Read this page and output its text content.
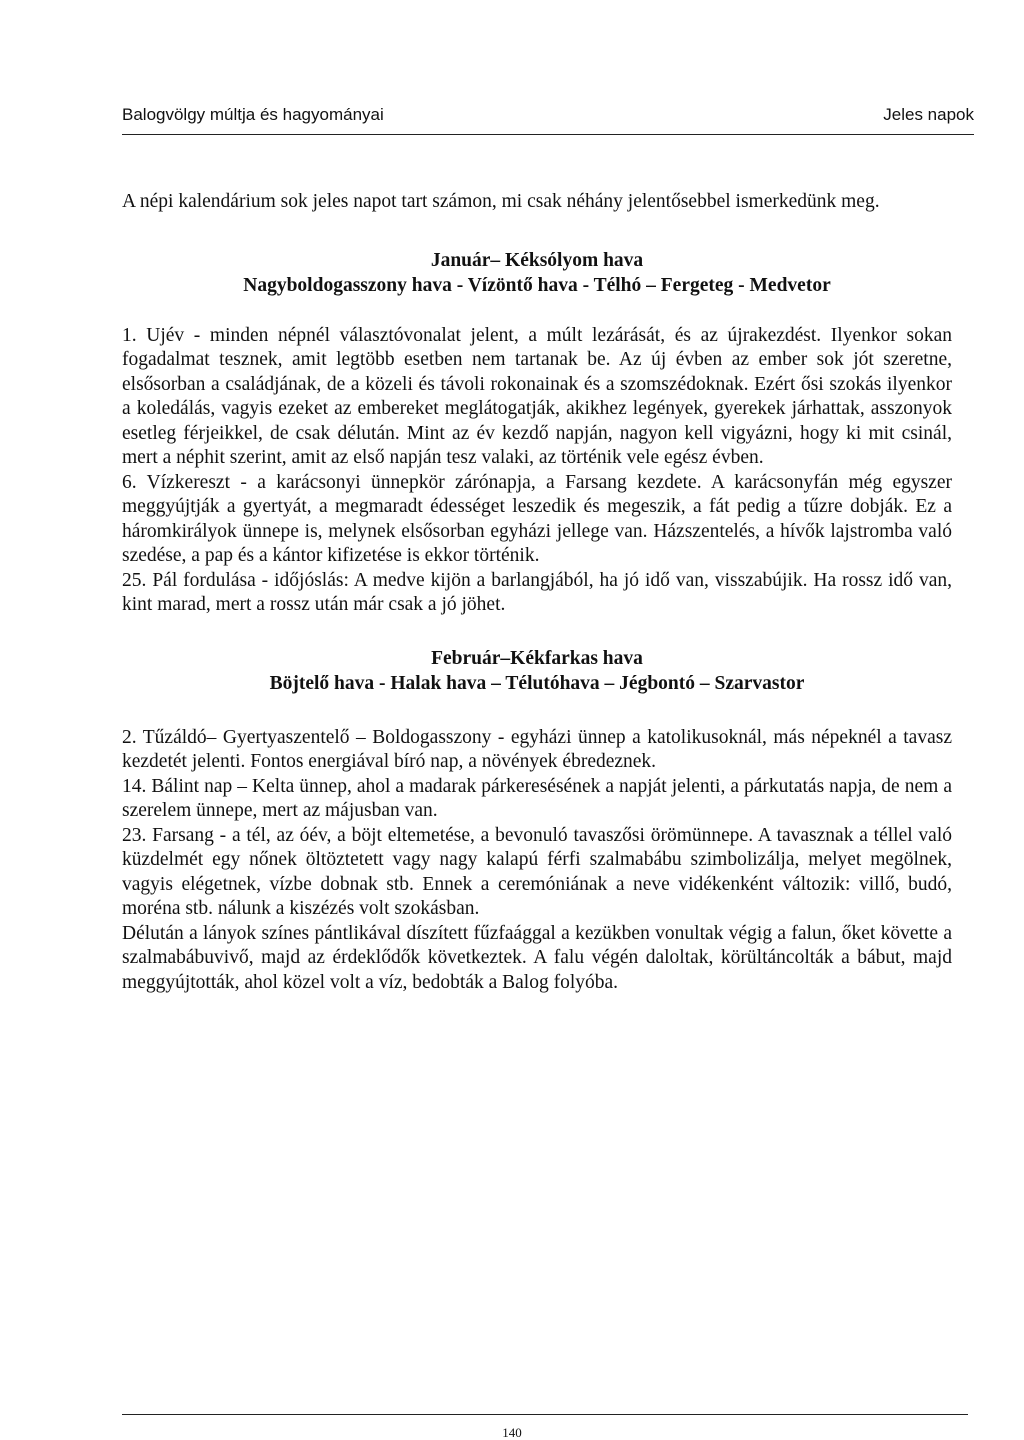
Balogvölgy múltja és hagyományai	Jeles napok

A népi kalendárium sok jeles napot tart számon, mi csak néhány jelentősebbel ismerkedünk meg.

Január– Kéksólyom hava
Nagyboldogasszony hava - Vízöntő hava - Télhó – Fergeteg - Medvetor

1. Ujév - minden népnél választóvonalat jelent, a múlt lezárását, és az újrakezdést. Ilyenkor sokan fogadalmat tesznek, amit legtöbb esetben nem tartanak be. Az új évben az ember sok jót szeretne, elsősorban a családjának, de a közeli és távoli rokonainak és a szomszédoknak. Ezért ősi szokás ilyenkor a koledálás, vagyis ezeket az embereket meglátogatják, akikhez legények, gyerekek járhattak, asszonyok esetleg férjeikkel, de csak délután. Mint az év kezdő napján, nagyon kell vigyázni, hogy ki mit csinál, mert a néphit szerint, amit az első napján tesz valaki, az történik vele egész évben.

6. Vízkereszt - a karácsonyi ünnepkör zárónapja, a Farsang kezdete. A karácsonyfán még egyszer meggyújtják a gyertyát, a megmaradt édességet leszedik és megeszik, a fát pedig a tűzre dobják. Ez a háromkirályok ünnepe is, melynek elsősorban egyházi jellege van. Házszentelés, a hívők lajstromba való szedése, a pap és a kántor kifizetése is ekkor történik.

25. Pál fordulása - időjóslás: A medve kijön a barlangjából, ha jó idő van, visszabújik. Ha rossz idő van, kint marad, mert a rossz után már csak a jó jöhet.

Február–Kékfarkas hava
Böjtelő hava - Halak hava – Télutóhava – Jégbontó – Szarvastor

2. Tűzáldó– Gyertyaszentelő – Boldogasszony - egyházi ünnep a katolikusoknál, más népeknél a tavasz kezdetét jelenti. Fontos energiával bíró nap, a növények ébredeznek.

14. Bálint nap – Kelta ünnep, ahol a madarak párkeresésének a napját jelenti, a párkutatás napja, de nem a szerelem ünnepe, mert az májusban van.

23. Farsang - a tél, az óév, a böjt eltemetése, a bevonuló tavaszősi örömünnepe. A tavasznak a téllel való küzdelmét egy nőnek öltöztetett vagy nagy kalapú férfi szalmabábu szimbolizálja, melyet megölnek, vagyis elégetnek, vízbe dobnak stb. Ennek a ceremóniának a neve vidékenként változik: villő, budó, moréna stb. nálunk a kiszézés volt szokásban.

Délután a lányok színes pántlikával díszített fűzfaággal a kezükben vonultak végig a falun, őket követte a szalmabábuvivő, majd az érdeklődők következtek. A falu végén daloltak, körültáncolták a bábut, majd meggyújtották, ahol közel volt a víz, bedobták a Balog folyóba.

140
